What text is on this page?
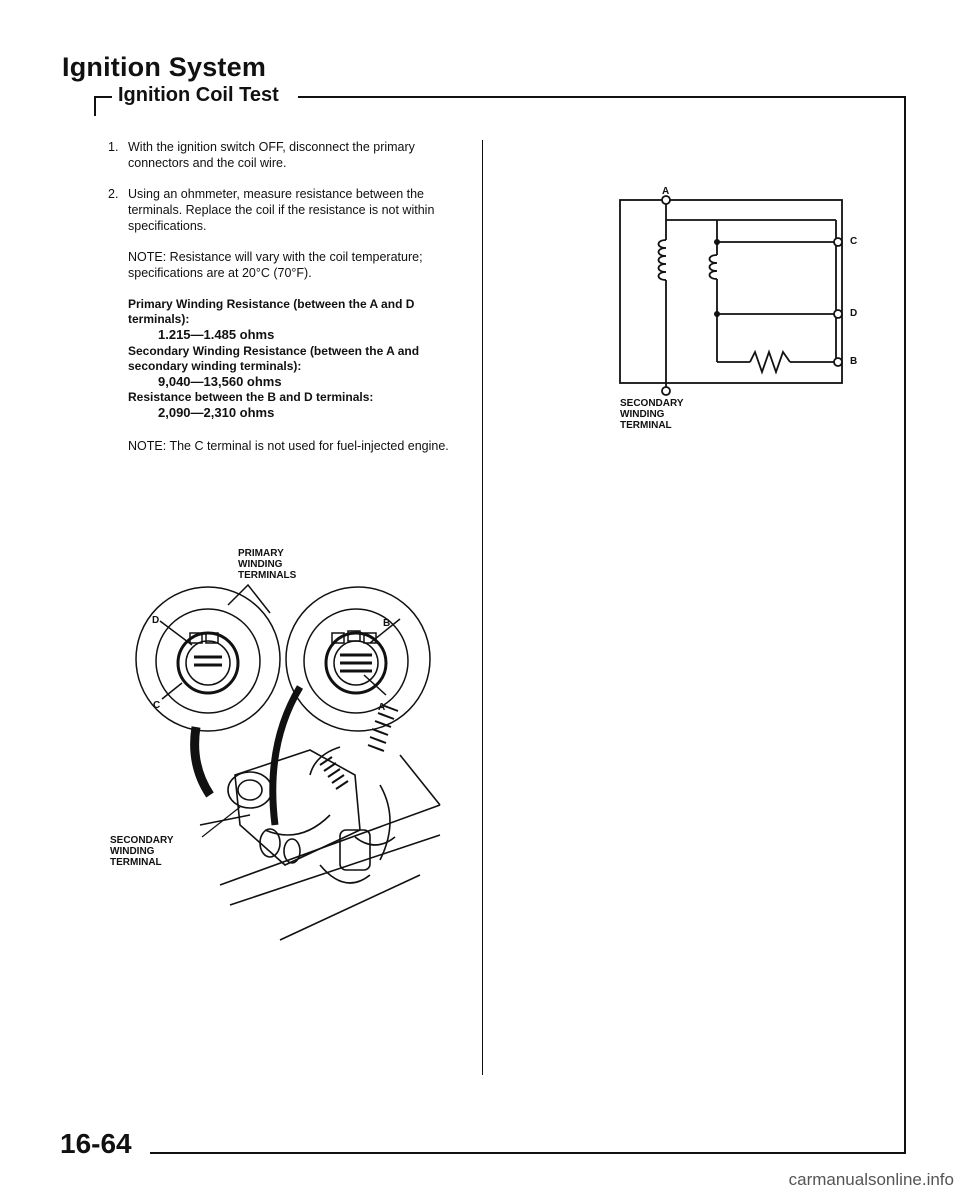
Ignition System
Ignition Coil Test
1. With the ignition switch OFF, disconnect the primary connectors and the coil wire.
2. Using an ohmmeter, measure resistance between the terminals. Replace the coil if the resistance is not within specifications.

NOTE: Resistance will vary with the coil temperature; specifications are at 20°C (70°F).

Primary Winding Resistance (between the A and D terminals):
1.215—1.485 ohms
Secondary Winding Resistance (between the A and secondary winding terminals):
9,040—13,560 ohms
Resistance between the B and D terminals:
2,090—2,310 ohms

NOTE: The C terminal is not used for fuel-injected engine.

PRIMARY
WINDING
TERMINALS
SECONDARY
WINDING
TERMINAL
D
C
B
A
A
C
D
B
SECONDARY
WINDING
TERMINAL
16-64
carmanualsonline.info
